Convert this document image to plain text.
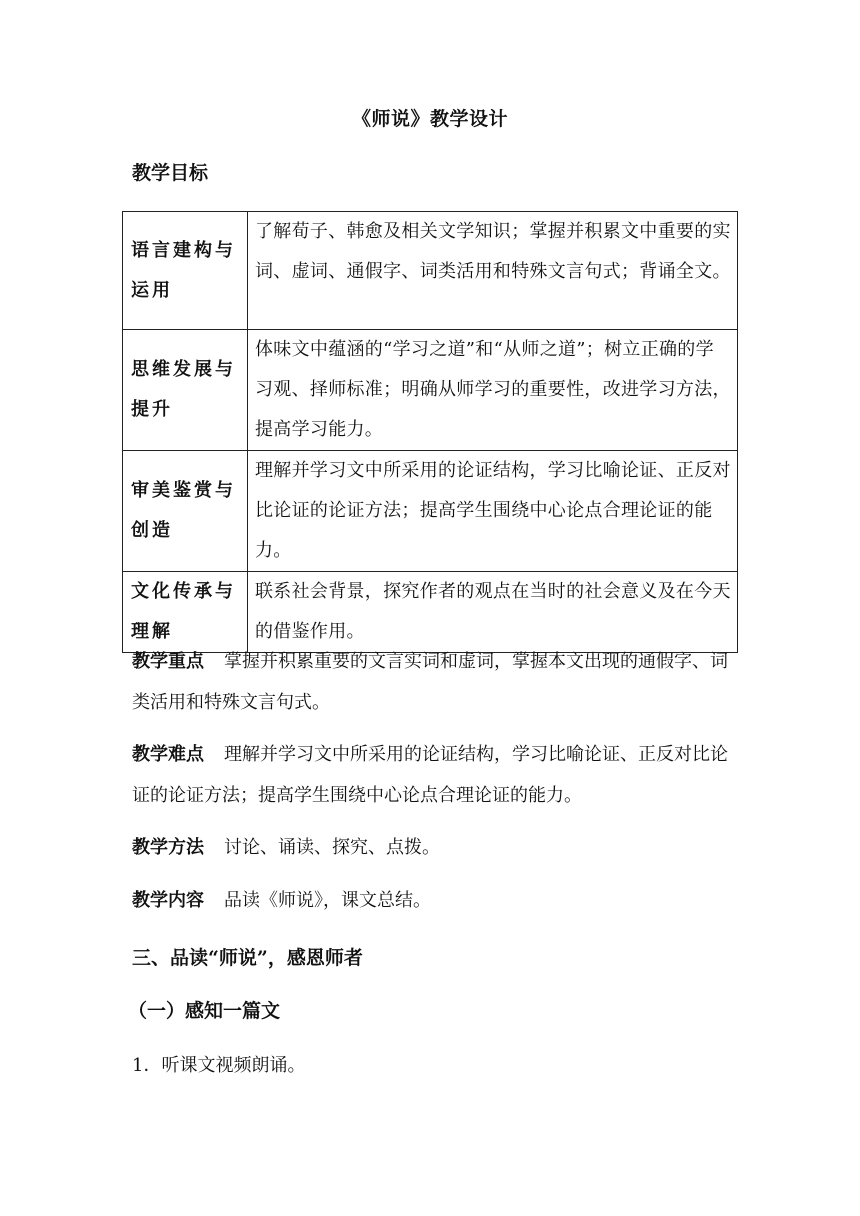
《师说》教学设计
教学目标
语言建构与运用	了解荀子、韩愈及相关文学知识；掌握并积累文中重要的实词、虚词、通假字、词类活用和特殊文言句式；背诵全文。
思维发展与提升	体味文中蕴涵的“学习之道”和“从师之道”；树立正确的学习观、择师标准；明确从师学习的重要性，改进学习方法，提高学习能力。
审美鉴赏与创造	理解并学习文中所采用的论证结构，学习比喻论证、正反对比论证的论证方法；提高学生围绕中心论点合理论证的能力。
文化传承与理解	联系社会背景，探究作者的观点在当时的社会意义及在今天的借鉴作用。
教学重点 掌握并积累重要的文言实词和虚词，掌握本文出现的通假字、词类活用和特殊文言句式。
教学难点 理解并学习文中所采用的论证结构，学习比喻论证、正反对比论证的论证方法；提高学生围绕中心论点合理论证的能力。
教学方法 讨论、诵读、探究、点拨。
教学内容 品读《师说》，课文总结。
三、品读“师说”，感恩师者
（一）感知一篇文
1．听课文视频朗诵。
